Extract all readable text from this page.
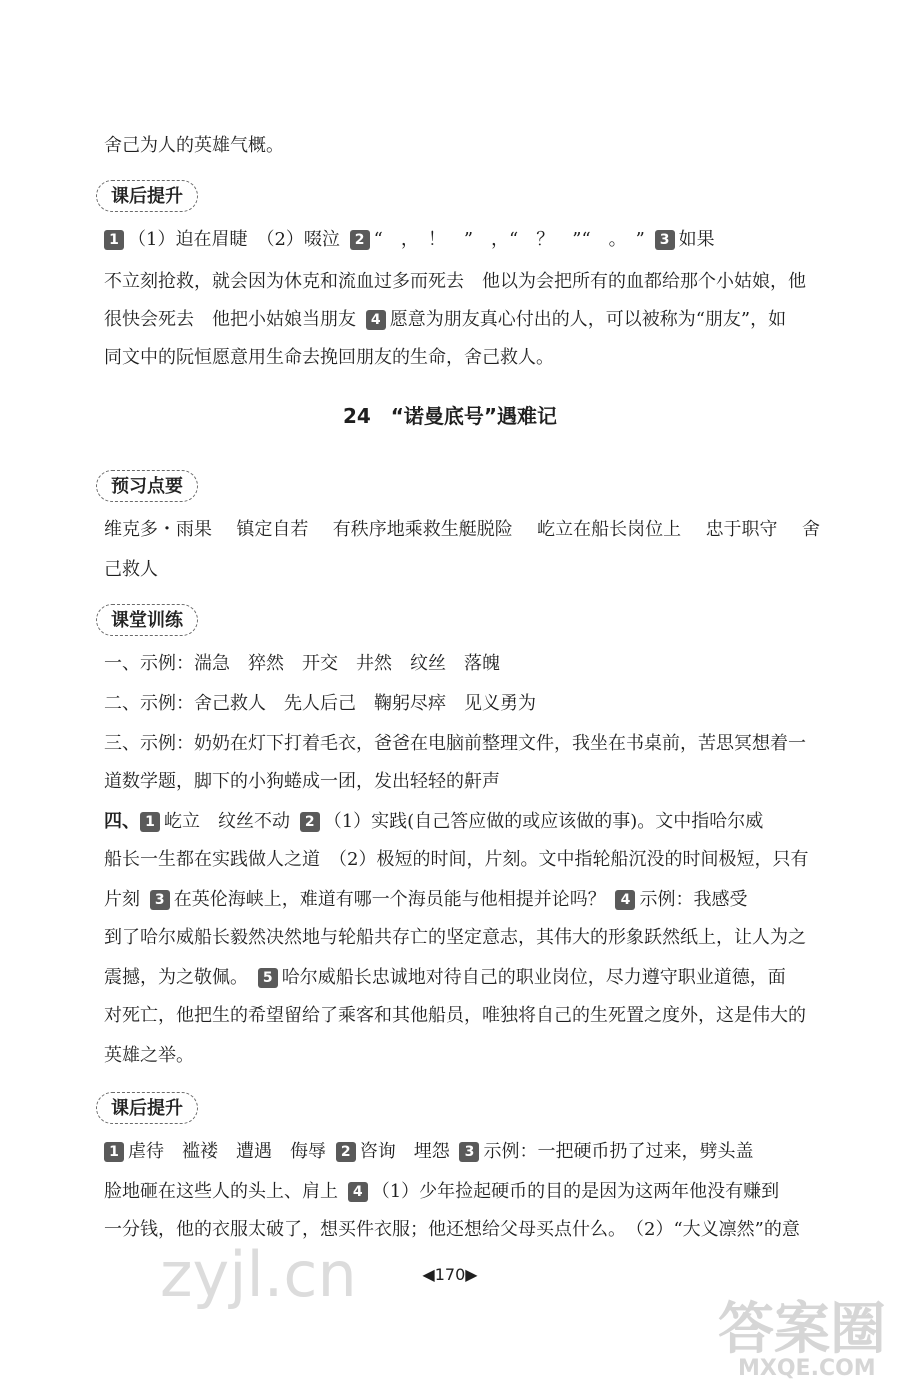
舍己为人的英雄气概。
课后提升
1 （1）迫在眉睫　（2）啜泣 2 “　，　！　”　，“　？　”“　。　” 3 如果
不立刻抢救，就会因为休克和流血过多而死去　他以为会把所有的血都给那个小姑娘，他
很快会死去　他把小姑娘当朋友 4 愿意为朋友真心付出的人，可以被称为“朋友”，如
同文中的阮恒愿意用生命去挽回朋友的生命，舍己救人。
24　“诺曼底号”遇难记
预习点要
维克多・雨果 镇定自若 有秩序地乘救生艇脱险 屹立在船长岗位上 忠于职守 舍
己救人
课堂训练
一、示例：湍急　猝然　开交　井然　纹丝　落魄
二、示例：舍己救人　先人后己　鞠躬尽瘁　见义勇为
三、示例：奶奶在灯下打着毛衣，爸爸在电脑前整理文件，我坐在书桌前，苦思冥想着一
道数学题，脚下的小狗蜷成一团，发出轻轻的鼾声
四、 1 屹立　纹丝不动 2 （1）实践(自己答应做的或应该做的事)。文中指哈尔威
船长一生都在实践做人之道　（2）极短的时间，片刻。文中指轮船沉没的时间极短，只有
片刻 3 在英伦海峡上，难道有哪一个海员能与他相提并论吗？ 4 示例：我感受
到了哈尔威船长毅然决然地与轮船共存亡的坚定意志，其伟大的形象跃然纸上，让人为之
震撼，为之敬佩。 5 哈尔威船长忠诚地对待自己的职业岗位，尽力遵守职业道德，面
对死亡，他把生的希望留给了乘客和其他船员，唯独将自己的生死置之度外，这是伟大的
英雄之举。
课后提升
1 虐待　褴褛　遭遇　侮辱 2 咨询　埋怨 3 示例：一把硬币扔了过来，劈头盖
脸地砸在这些人的头上、肩上 4 （1）少年捡起硬币的目的是因为这两年他没有赚到
一分钱，他的衣服太破了，想买件衣服；他还想给父母买点什么。　（2）“大义凛然”的意
zyjl.cn
答案圈
MXQE.COM
◀170▶
